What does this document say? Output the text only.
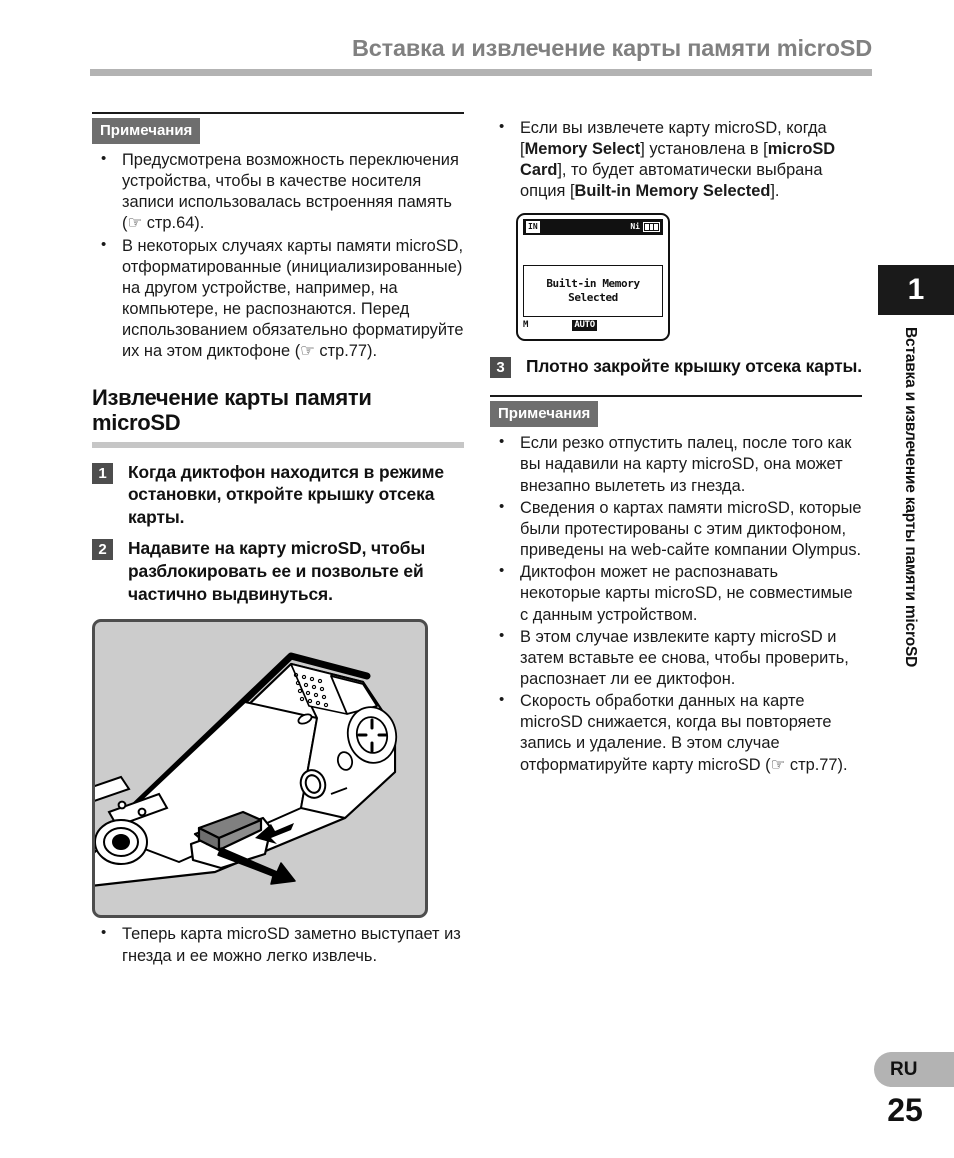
Вставка и извлечение карты памяти microSD
Примечания
• Предусмотрена возможность переключения устройства, чтобы в качестве носителя записи использовалась встроенняя память (☞ стр.64).
• В некоторых случаях карты памяти microSD, отформатированные (инициализированные) на другом устройстве, например, на компьютере, не распознаются. Перед использованием обязательно форматируйте их на этом диктофоне (☞ стр.77).
Извлечение карты памяти microSD
1	Когда диктофон находится в режиме остановки, откройте крышку отсека карты.
2	Надавите на карту microSD, чтобы разблокировать ее и позвольте ей частично выдвинуться.
• Теперь карта microSD заметно выступает из гнезда и ее можно легко извлечь.
• Если вы извлечете карту microSD, когда  [Memory Select] установлена в [microSD Card], то будет автоматически выбрана опция [Built-in Memory Selected].
IN	Ni
Built-in Memory
Selected
M	AUTO
3	Плотно закройте крышку отсека карты.
Примечания
• Если резко отпустить палец, после того как вы надавили на карту microSD, она может внезапно вылететь из гнезда.
• Сведения о картах памяти microSD, которые были протестированы с этим диктофоном, приведены на web-сайте компании Olympus.
• Диктофон может не распознавать некоторые карты microSD, не совместимые с данным устройством.
• В этом случае извлеките карту microSD и затем вставьте ее снова, чтобы проверить, распознает ли ее диктофон.
• Скорость обработки данных на карте microSD снижается, когда вы повторяете запись и удаление. В этом случае отформатируйте карту microSD (☞ стр.77).
1
Вставка и извлечение карты памяти microSD
RU
25
